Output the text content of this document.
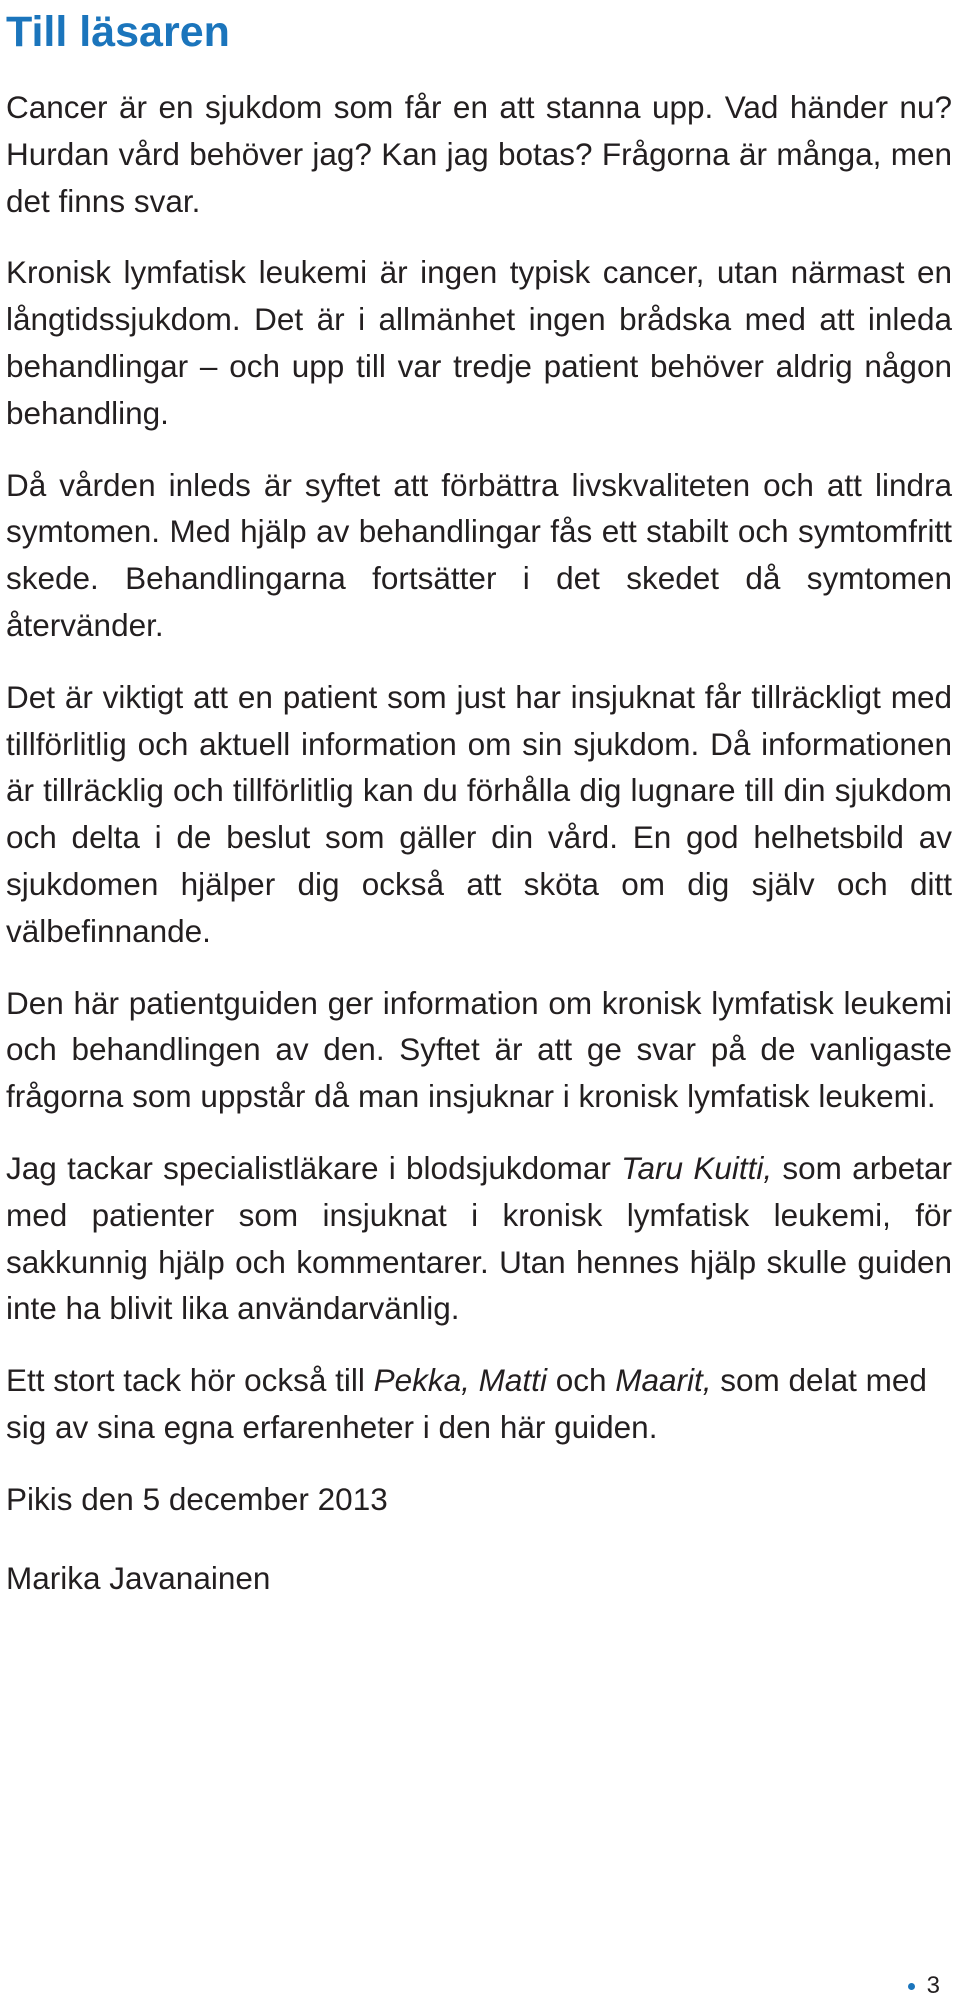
Till läsaren

Cancer är en sjukdom som får en att stanna upp. Vad händer nu? Hurdan vård behöver jag? Kan jag botas? Frågorna är många, men det finns svar.

Kronisk lymfatisk leukemi är ingen typisk cancer, utan närmast en långtidssjukdom. Det är i allmänhet ingen brådska med att inleda behandlingar – och upp till var tredje patient behöver aldrig någon behandling.

Då vården inleds är syftet att förbättra livskvaliteten och att lindra symtomen. Med hjälp av behandlingar fås ett stabilt och symtomfritt skede. Behandlingarna fortsätter i det skedet då symtomen återvänder.

Det är viktigt att en patient som just har insjuknat får tillräckligt med tillförlitlig och aktuell information om sin sjukdom. Då informationen är tillräcklig och tillförlitlig kan du förhålla dig lugnare till din sjukdom och delta i de beslut som gäller din vård. En god helhetsbild av sjukdomen hjälper dig också att sköta om dig själv och ditt välbefinnande.

Den här patientguiden ger information om kronisk lymfatisk leukemi och behandlingen av den. Syftet är att ge svar på de vanligaste frågorna som uppstår då man insjuknar i kronisk lymfatisk leukemi.

Jag tackar specialistläkare i blodsjukdomar Taru Kuitti, som arbetar med patienter som insjuknat i kronisk lymfatisk leukemi, för sakkunnig hjälp och kommentarer. Utan hennes hjälp skulle guiden inte ha blivit lika användarvänlig.

Ett stort tack hör också till Pekka, Matti och Maarit, som delat med sig av sina egna erfarenheter i den här guiden.

Pikis den 5 december 2013

Marika Javanainen

3
